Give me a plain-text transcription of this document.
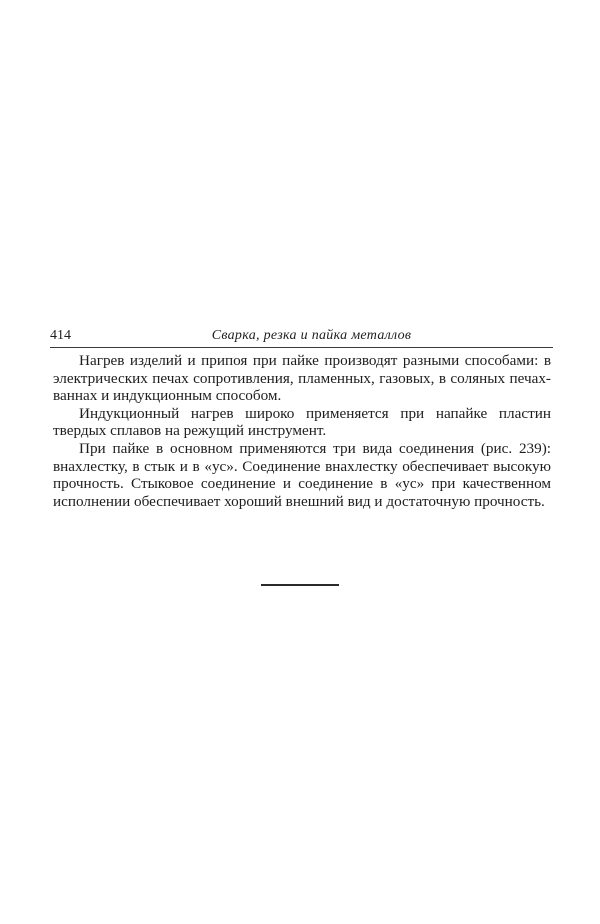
414	Сварка, резка и пайка металлов

Нагрев изделий и припоя при пайке производят разными способами: в электрических печах сопротивления, пламенных, газовых, в соляных печах-ваннах и индукционным способом.

Индукционный нагрев широко применяется при напайке пластин твердых сплавов на режущий инструмент.

При пайке в основном применяются три вида соединения (рис. 239): внахлестку, в стык и в «ус». Соединение внахлестку обеспечивает высокую прочность. Стыковое соединение и соединение в «ус» при качественном исполнении обеспечивает хороший внешний вид и достаточную прочность.
